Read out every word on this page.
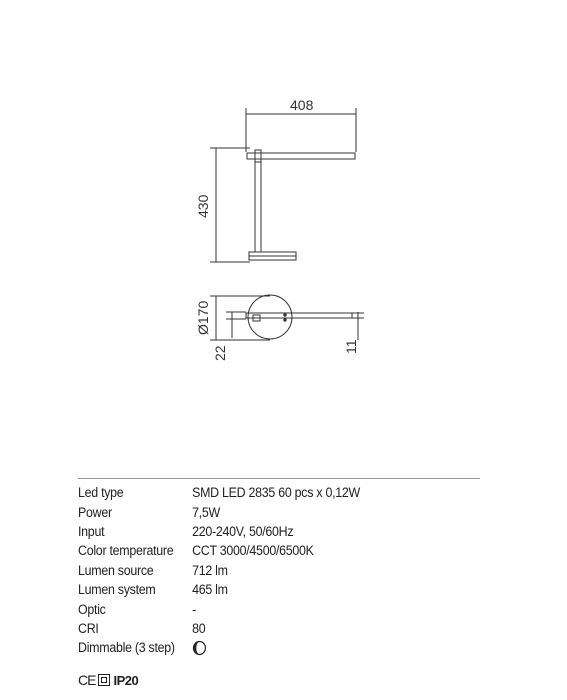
408
430
Ø170
22	11
Led type	SMD LED 2835 60 pcs x 0,12W
Power	7,5W
Input	220-240V, 50/60Hz
Color temperature	CCT 3000/4500/6500K
Lumen source	712 lm
Lumen system	465 lm
Optic	-
CRI	80
Dimmable (3 step)
CE IP20
